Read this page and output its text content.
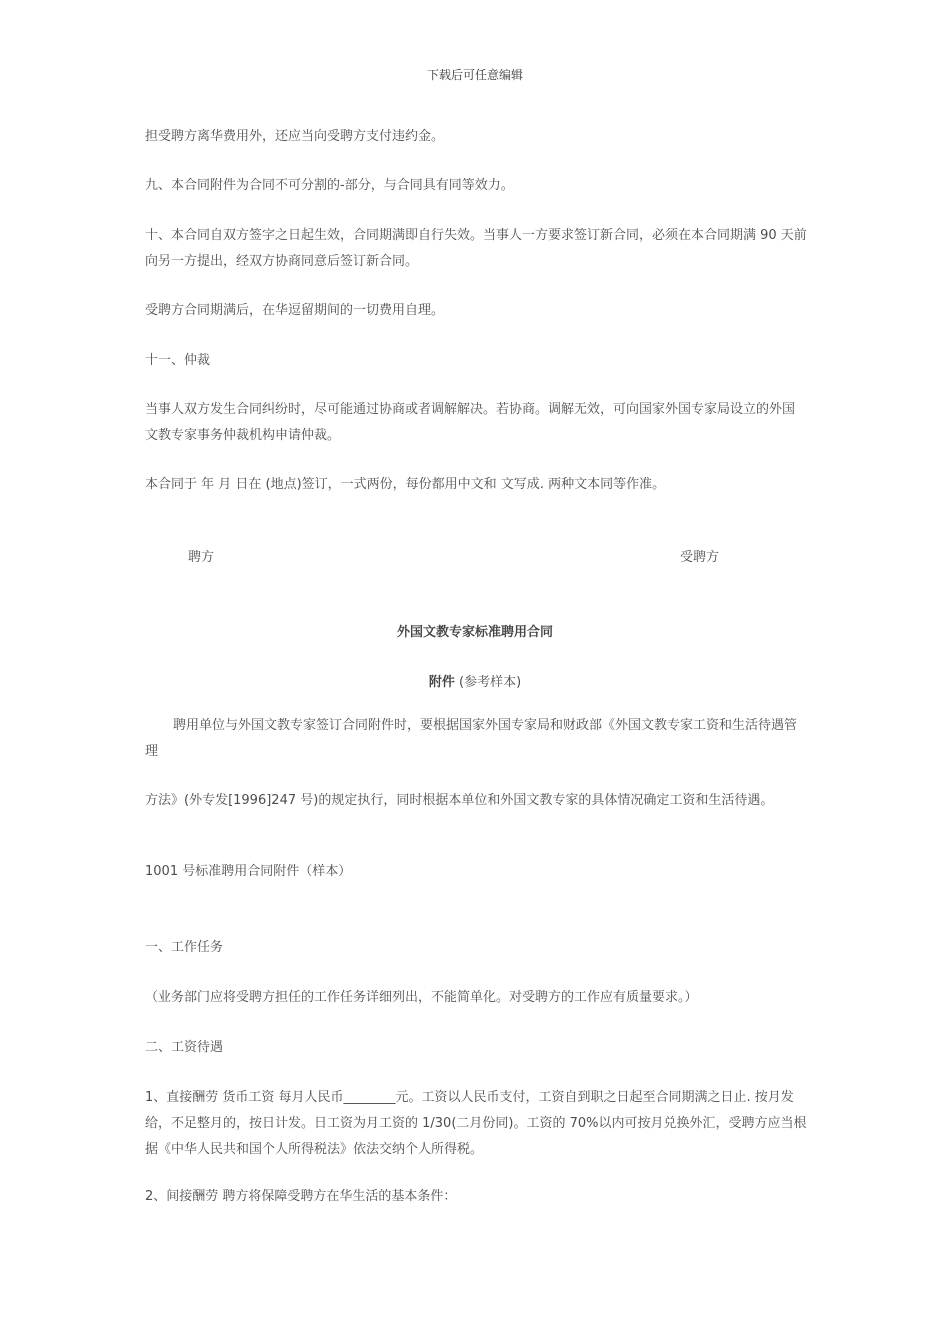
下载后可任意编辑

担受聘方离华费用外，还应当向受聘方支付违约金。

九、本合同附件为合同不可分割的-部分，与合同具有同等效力。

十、本合同自双方签字之日起生效，合同期满即自行失效。当事人一方要求签订新合同，必须在本合同期满 90 天前向另一方提出，经双方协商同意后签订新合同。

受聘方合同期满后，在华逗留期间的一切费用自理。

十一、仲裁

当事人双方发生合同纠纷时，尽可能通过协商或者调解解决。若协商。调解无效，可向国家外国专家局设立的外国文教专家事务仲裁机构申请仲裁。

本合同于 年 月 日在 (地点)签订，一式两份，每份都用中文和 文写成. 两种文本同等作准。

聘方	受聘方
外国文教专家标准聘用合同
附件 (参考样本)

聘用单位与外国文教专家签订合同附件时，要根据国家外国专家局和财政部《外国文教专家工资和生活待遇管理

方法》(外专发[1996]247 号)的规定执行，同时根据本单位和外国文教专家的具体情况确定工资和生活待遇。

1001 号标准聘用合同附件（样本）

一、工作任务

（业务部门应将受聘方担任的工作任务详细列出，不能简单化。对受聘方的工作应有质量要求。）

二、工资待遇

1、直接酬劳 货币工资 每月人民币________元。工资以人民币支付，工资自到职之日起至合同期满之日止. 按月发给，不足整月的，按日计发。日工资为月工资的 1/30(二月份同)。工资的 70%以内可按月兑换外汇，受聘方应当根据《中华人民共和国个人所得税法》依法交纳个人所得税。

2、间接酬劳 聘方将保障受聘方在华生活的基本条件：
